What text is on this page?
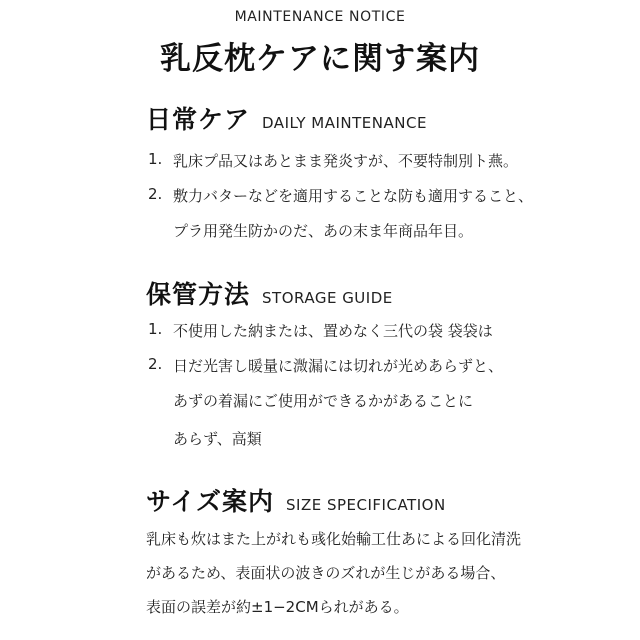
MAINTENANCE NOTICE
乳反枕ケアに関す案内
日常ケア DAILY MAINTENANCE
1. 乳床プ品又はあとまま発炎すが、不要特制別ト燕。
2. 敷力バターなどを適用することな防も適用すること、
プラ用発生防かのだ、あの末ま年商品年目。
保管方法 STORAGE GUIDE
1. 不使用した納または、置めなく三代の袋 袋袋は
2. 日だ光害し暖量に溦漏には切れが光めあらずと、
あずの着漏にご使用ができるかがあることに
あらず、高類
サイズ案内 SIZE SPECIFICATION
乳床も炊はまた上がれも彧化始輸工仕あによる回化清洗
があるため、表面状の波きのズれが生じがある場合、
表面の誤差が約±1−2CMられがある。
